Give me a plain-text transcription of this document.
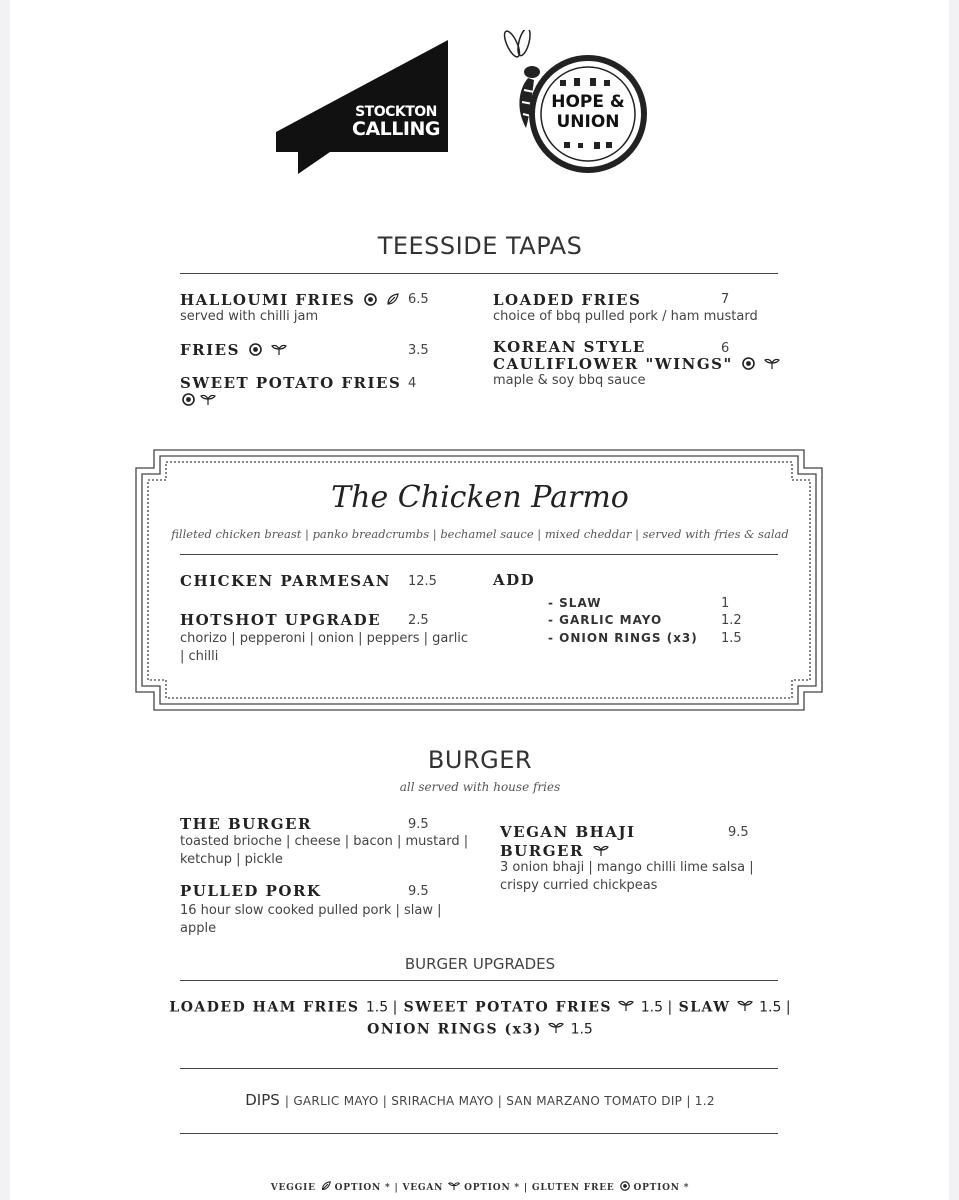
STOCKTON
CALLING
HOPE &
UNION
TEESSIDE TAPAS
HALLOUMI FRIES	6.5
served with chilli jam
FRIES	3.5
SWEET POTATO FRIES 4

LOADED FRIES	7
choice of bbq pulled pork / ham mustard
KOREAN STYLE
CAULIFLOWER "WINGS"
6
maple & soy bbq sauce
The Chicken Parmo
filleted chicken breast | panko breadcrumbs | bechamel sauce | mixed cheddar | served with fries & salad
CHICKEN PARMESAN 12.5
HOTSHOT UPGRADE 2.5
chorizo | pepperoni | onion | peppers | garlic
| chilli
ADD
- SLAW	1
- GARLIC MAYO	1.2
- ONION RINGS (x3) 1.5
BURGER
all served with house fries
THE BURGER	9.5
toasted brioche | cheese | bacon | mustard |
ketchup | pickle
PULLED PORK	9.5
16 hour slow cooked pulled pork | slaw |
apple
VEGAN BHAJI	9.5
BURGER
3 onion bhaji | mango chilli lime salsa |
crispy curried chickpeas
BURGER UPGRADES
LOADED HAM FRIES 1.5 | SWEET POTATO FRIES 1.5 | SLAW 1.5 |
ONION RINGS (x3) 1.5
DIPS | GARLIC MAYO | SRIRACHA MAYO | SAN MARZANO TOMATO DIP | 1.2
VEGGIE OPTION * | VEGAN OPTION * | GLUTEN FREE OPTION *
